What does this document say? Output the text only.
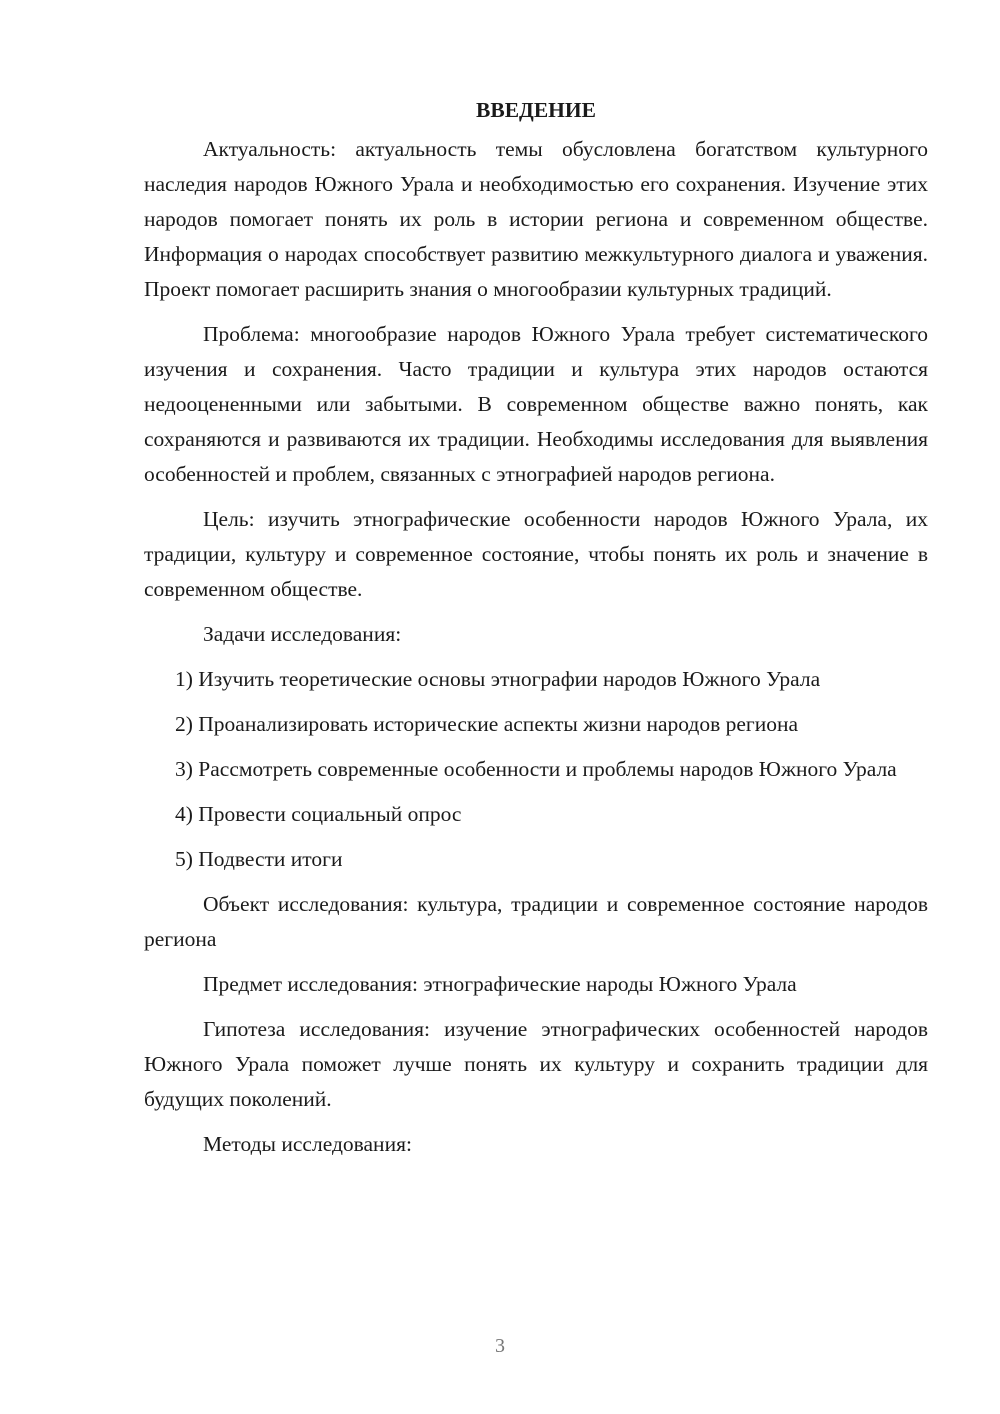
ВВЕДЕНИЕ

Актуальность: актуальность темы обусловлена богатством культурного наследия народов Южного Урала и необходимостью его сохранения. Изучение этих народов помогает понять их роль в истории региона и современном обществе. Информация о народах способствует развитию межкультурного диалога и уважения. Проект помогает расширить знания о многообразии культурных традиций.

Проблема: многообразие народов Южного Урала требует систематического изучения и сохранения. Часто традиции и культура этих народов остаются недооцененными или забытыми. В современном обществе важно понять, как сохраняются и развиваются их традиции. Необходимы исследования для выявления особенностей и проблем, связанных с этнографией народов региона.

Цель: изучить этнографические особенности народов Южного Урала, их традиции, культуру и современное состояние, чтобы понять их роль и значение в современном обществе.

Задачи исследования:

1) Изучить теоретические основы этнографии народов Южного Урала

2) Проанализировать исторические аспекты жизни народов региона

3) Рассмотреть современные особенности и проблемы народов Южного Урала

4) Провести социальный опрос

5) Подвести итоги

Объект исследования: культура, традиции и современное состояние народов региона

Предмет исследования: этнографические народы Южного Урала

Гипотеза исследования: изучение этнографических особенностей народов Южного Урала поможет лучше понять их культуру и сохранить традиции для будущих поколений.

Методы исследования:

3
